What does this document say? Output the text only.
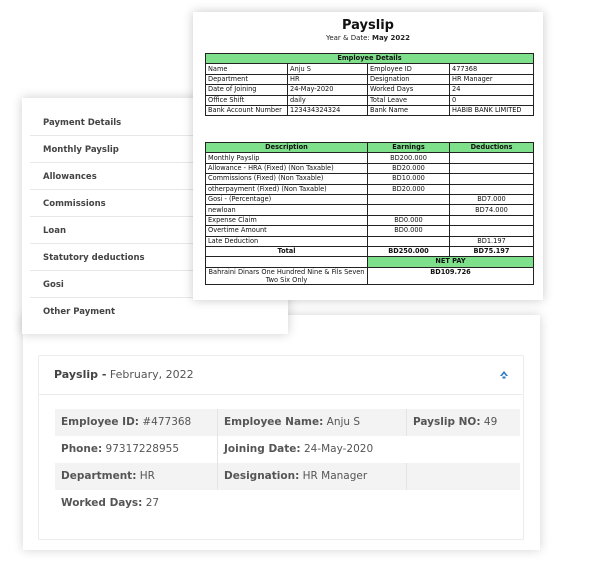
Payslip - February, 2022
Employee ID: #477368	Employee Name: Anju S	Payslip NO: 49
Phone: 97317228955	Joining Date: 24-May-2020
Department: HR	Designation: HR Manager
Worked Days: 27
Payment Details
Monthly Payslip
Allowances
Commissions
Loan
Statutory deductions
Gosi
Other Payment
Payslip
Year & Date: May 2022
Employee Details			
Name	Anju S	Employee ID	477368
Department	HR	Designation	HR Manager
Date of Joining	24-May-2020	Worked Days	24
Office Shift	daily	Total Leave	0
Bank Account Number	123434324324	Bank Name	HABIB BANK LIMITED
Description	Earnings	Deductions
Monthly Payslip	BD200.000	
Allowance - HRA (Fixed) (Non Taxable)	BD20.000	
Commissions (Fixed) (Non Taxable)	BD10.000	
otherpayment (Fixed) (Non Taxable)	BD20.000	
Gosi - (Percentage)		BD7.000
newloan		BD74.000
Expense Claim	BD0.000	
Overtime Amount	BD0.000	
Late Deduction		BD1.197
Total	BD250.000	BD75.197
	NET PAY	
Bahraini Dinars One Hundred Nine & Fils Seven Two Six Only	BD109.726	
